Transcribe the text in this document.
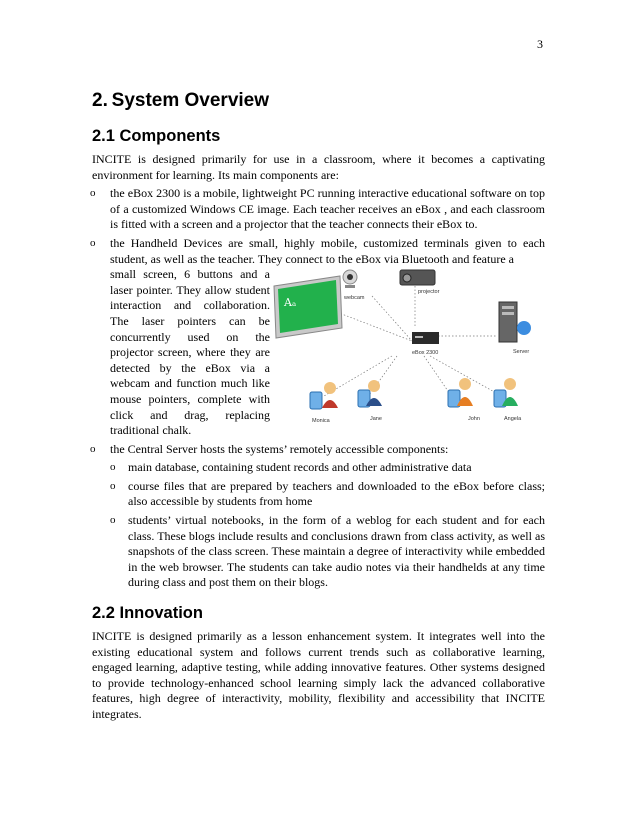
3
2. System Overview
2.1 Components

INCITE is designed primarily for use in a classroom, where it becomes a captivating environment for learning. Its main components are:

o the eBox 2300 is a mobile, lightweight PC running interactive educational software on top of a customized Windows CE image. Each teacher receives an eBox , and each classroom is fitted with a screen and a projector that the teacher connects their eBox to.
o the Handheld Devices are small, highly mobile, customized terminals given to each student, as well as the teacher. They connect to the eBox via Bluetooth and feature a
small screen, 6 buttons and a laser pointer. They allow student interaction and collaboration. The laser pointers can be concurrently used on the projector screen, where they are detected by the eBox via a webcam and function much like mouse pointers, complete with click and drag, replacing traditional chalk.
Aₐ	webcam
projector
eBox 2300	Server
Monica	Jane	John	Angela
o the Central Server hosts the systems’ remotely accessible components:
o main database, containing student records and other administrative data
o course files that are prepared by teachers and downloaded to the eBox before class; also accessible by students from home
o students’ virtual notebooks, in the form of a weblog for each student and for each class. These blogs include results and conclusions drawn from class activity, as well as snapshots of the class screen. These maintain a degree of interactivity while embedded in the web browser. The students can take audio notes via their handhelds at any time during class and post them on their blogs.
2.2 Innovation

INCITE is designed primarily as a lesson enhancement system. It integrates well into the existing educational system and follows current trends such as collaborative learning, engaged learning, adaptive testing, while adding innovative features. Other systems designed to provide technology-enhanced school learning simply lack the advanced collaborative features, high degree of interactivity, mobility, flexibility and accessibility that INCITE integrates.
